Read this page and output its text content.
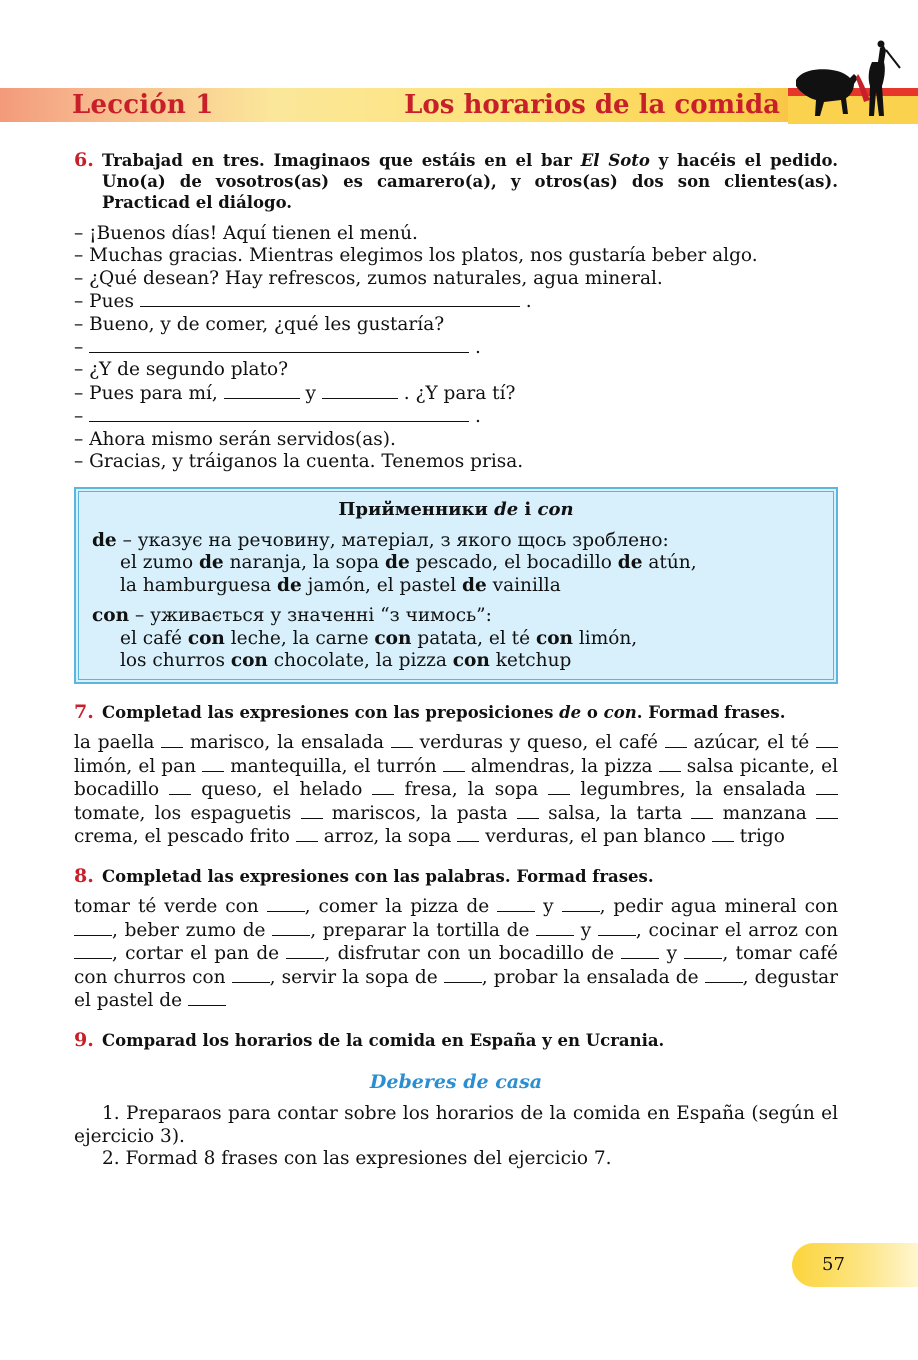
Lección 1	Los horarios de la comida
6. Trabajad en tres. Imaginaos que estáis en el bar El Soto y hacéis el pedido. Uno(a) de vosotros(as) es camarero(a), y otros(as) dos son clientes(as). Practicad el diálogo.
– ¡Buenos días! Aquí tienen el menú.
– Muchas gracias. Mientras elegimos los platos, nos gustaría beber algo.
– ¿Qué desean? Hay refrescos, zumos naturales, agua mineral.
– Pues	.
– Bueno, y de comer, ¿qué les gustaría?
–	.
– ¿Y de segundo plato?
– Pues para mí,	y	. ¿Y para tí?
–	.
– Ahora mismo serán servidos(as).
– Gracias, y tráiganos la cuenta. Tenemos prisa.
Прийменники de і con
de – указує на речовину, матеріал, з якого щось зроблено:
el zumo de naranja, la sopa de pescado, el bocadillo de atún,
la hamburguesa de jamón, el pastel de vainilla
con – уживається у значенні “з чимось”:
el café con leche, la carne con patata, el té con limón,
los churros con chocolate, la pizza con ketchup
7. Completad las expresiones con las preposiciones de o con. Formad frases.
la paella  marisco, la ensalada  verduras y queso, el café  azúcar, el té  limón, el pan  mantequilla, el turrón  almendras, la pizza  salsa picante, el bocadillo  queso, el helado  fresa, la sopa  legumbres, la ensalada  tomate, los espaguetis  mariscos, la pasta  salsa, la tarta  manzana  crema, el pescado frito  arroz, la sopa  verduras, el pan blanco  trigo
8. Completad las expresiones con las palabras. Formad frases.
tomar té verde con , comer la pizza de  y , pedir agua mineral con , beber zumo de , preparar la tortilla de  y , cocinar el arroz con , cortar el pan de , disfrutar con un bocadillo de  y , tomar café con churros con , servir la sopa de , probar la ensalada de , degustar el pastel de
9. Comparad los horarios de la comida en España y en Ucrania.
Deberes de casa
1. Preparaos para contar sobre los horarios de la comida en España (según el ejercicio 3).
2. Formad 8 frases con las expresiones del ejercicio 7.
57
